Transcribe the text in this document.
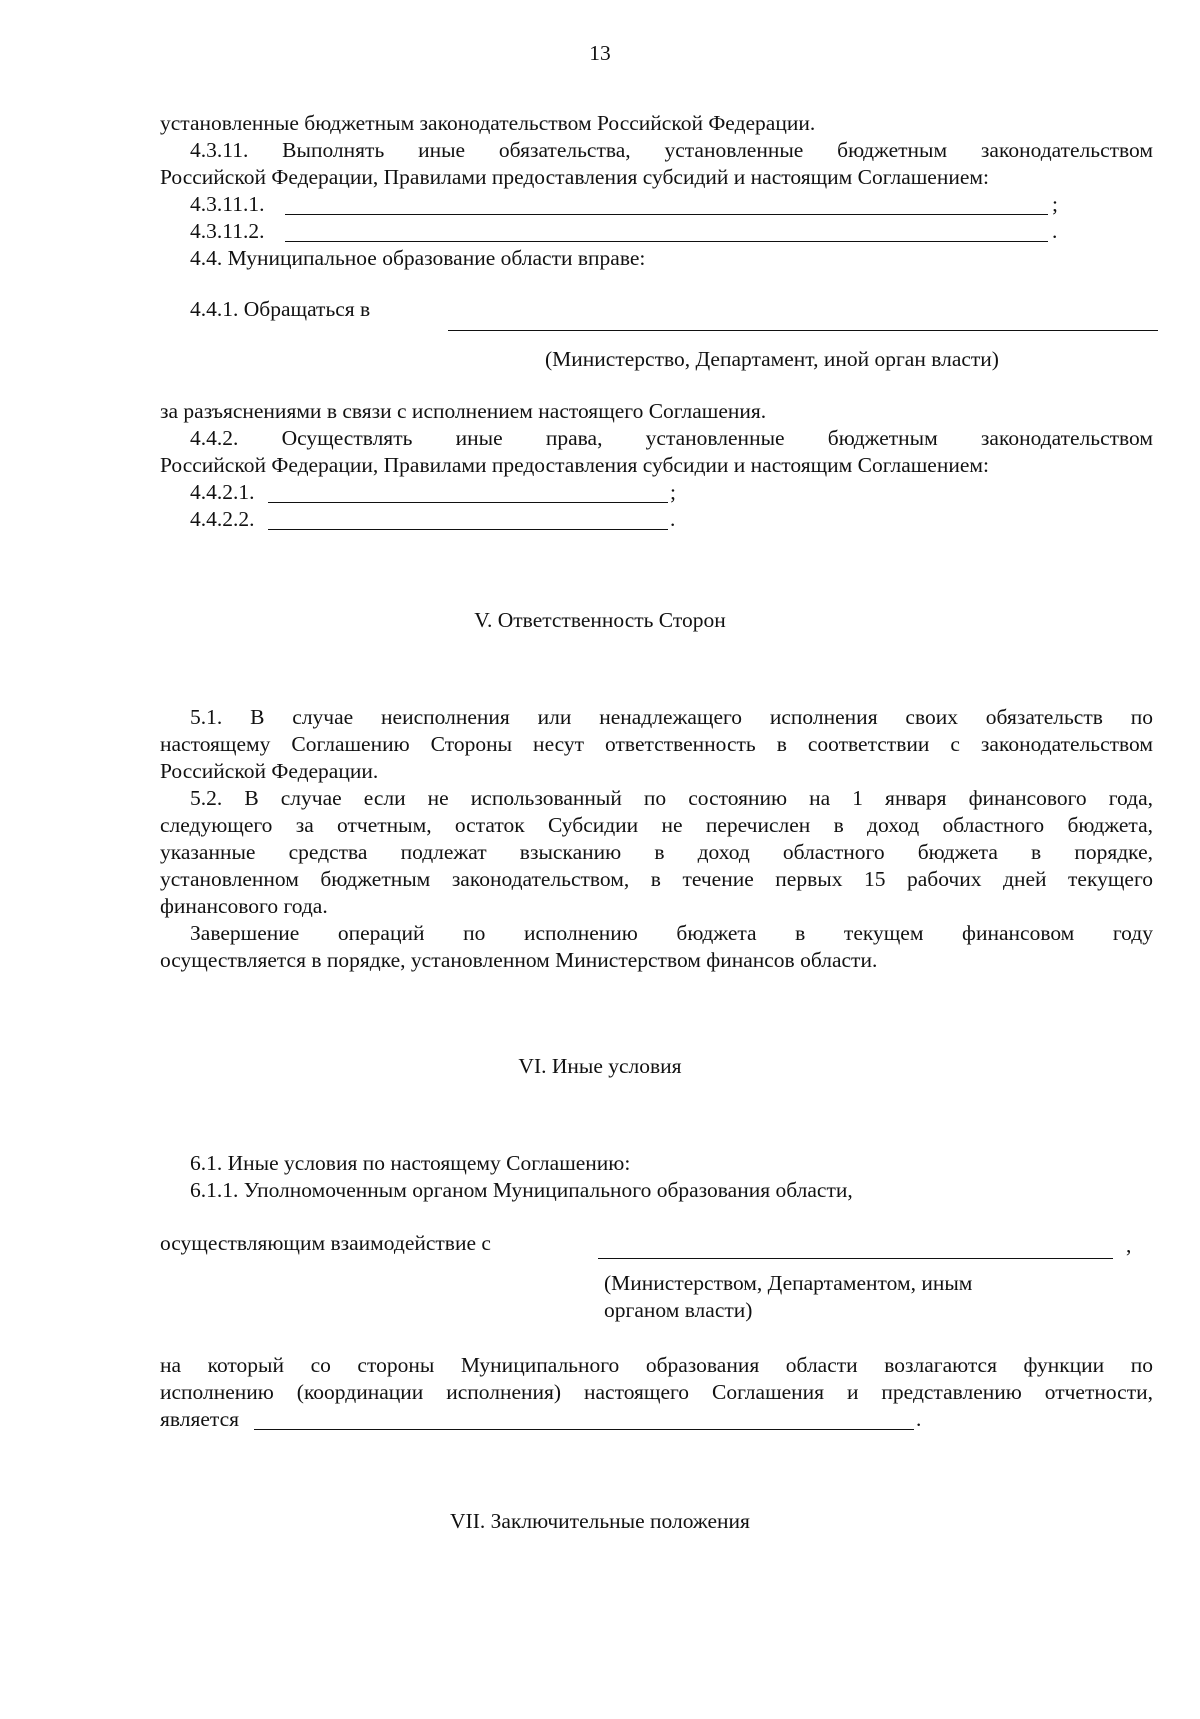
13
установленные бюджетным законодательством Российской Федерации.
4.3.11. Выполнять иные обязательства, установленные бюджетным законодательством
Российской Федерации, Правилами предоставления субсидий и настоящим Соглашением:
4.3.11.1.	;
4.3.11.2.	.
4.4. Муниципальное образование области вправе:
4.4.1. Обращаться в
(Министерство, Департамент, иной орган власти)
за разъяснениями в связи с исполнением настоящего Соглашения.
4.4.2. Осуществлять иные права, установленные бюджетным законодательством
Российской Федерации, Правилами предоставления субсидии и настоящим Соглашением:
4.4.2.1.	;
4.4.2.2.	.
V. Ответственность Сторон
5.1. В случае неисполнения или ненадлежащего исполнения своих обязательств по
настоящему Соглашению Стороны несут ответственность в соответствии с законодательством
Российской Федерации.
5.2. В случае если не использованный по состоянию на 1 января финансового года,
следующего за отчетным, остаток Субсидии не перечислен в доход областного бюджета,
указанные средства подлежат взысканию в доход областного бюджета в порядке,
установленном бюджетным законодательством, в течение первых 15 рабочих дней текущего
финансового года.
Завершение операций по исполнению бюджета в текущем финансовом году
осуществляется в порядке, установленном Министерством финансов области.
VI. Иные условия
6.1. Иные условия по настоящему Соглашению:
6.1.1. Уполномоченным органом Муниципального образования области,
осуществляющим взаимодействие с	,
(Министерством, Департаментом, иным
органом власти)
на который со стороны Муниципального образования области возлагаются функции по
исполнению (координации исполнения) настоящего Соглашения и представлению отчетности,
является	.
VII. Заключительные положения
